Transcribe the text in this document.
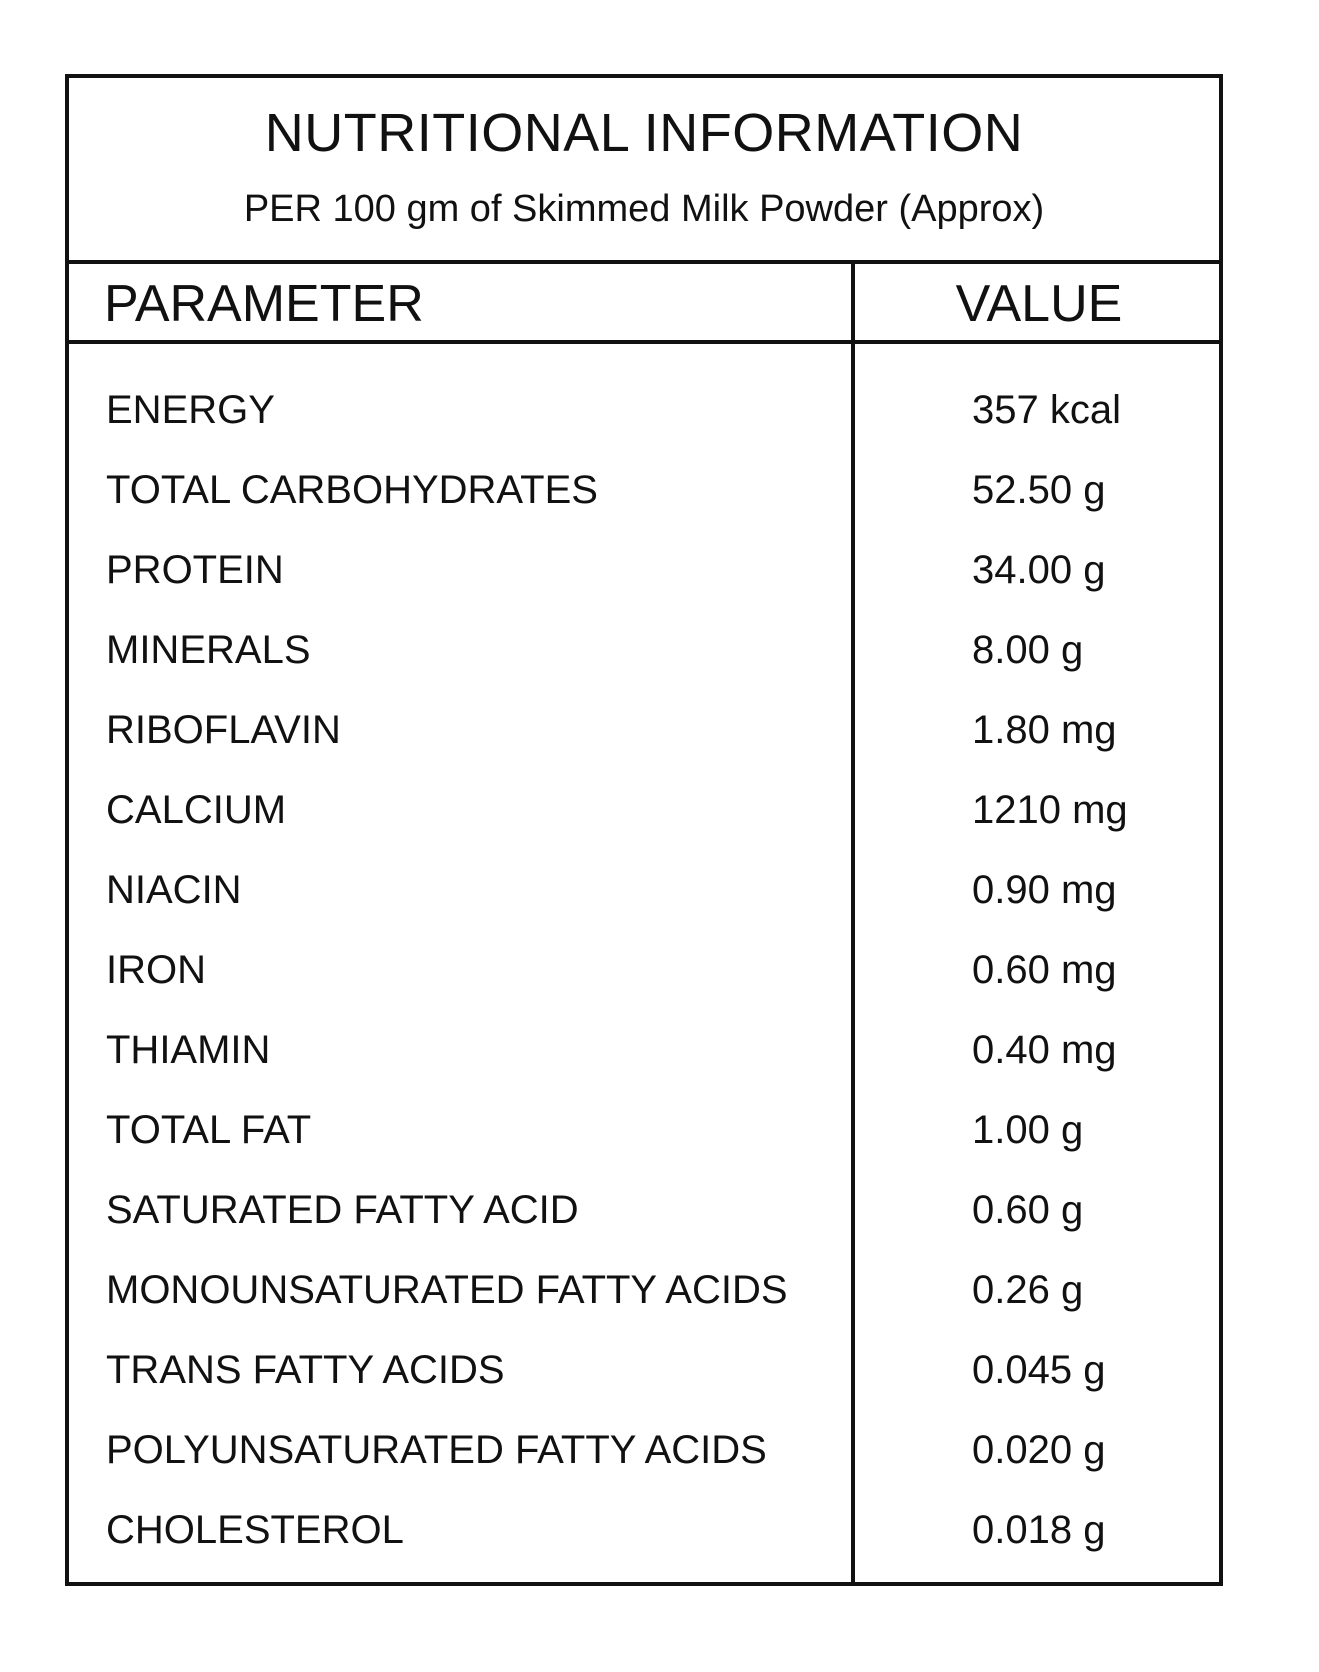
NUTRITIONAL INFORMATION

PER 100 gm of Skimmed Milk Powder (Approx)

PARAMETER	VALUE
ENERGY	357 kcal
TOTAL CARBOHYDRATES	52.50 g
PROTEIN	34.00 g
MINERALS	8.00 g
RIBOFLAVIN	1.80 mg
CALCIUM	1210 mg
NIACIN	0.90 mg
IRON	0.60 mg
THIAMIN	0.40 mg
TOTAL FAT	1.00 g
SATURATED FATTY ACID	0.60 g
MONOUNSATURATED FATTY ACIDS	0.26 g
TRANS FATTY ACIDS	0.045 g
POLYUNSATURATED FATTY ACIDS	0.020 g
CHOLESTEROL	0.018 g
